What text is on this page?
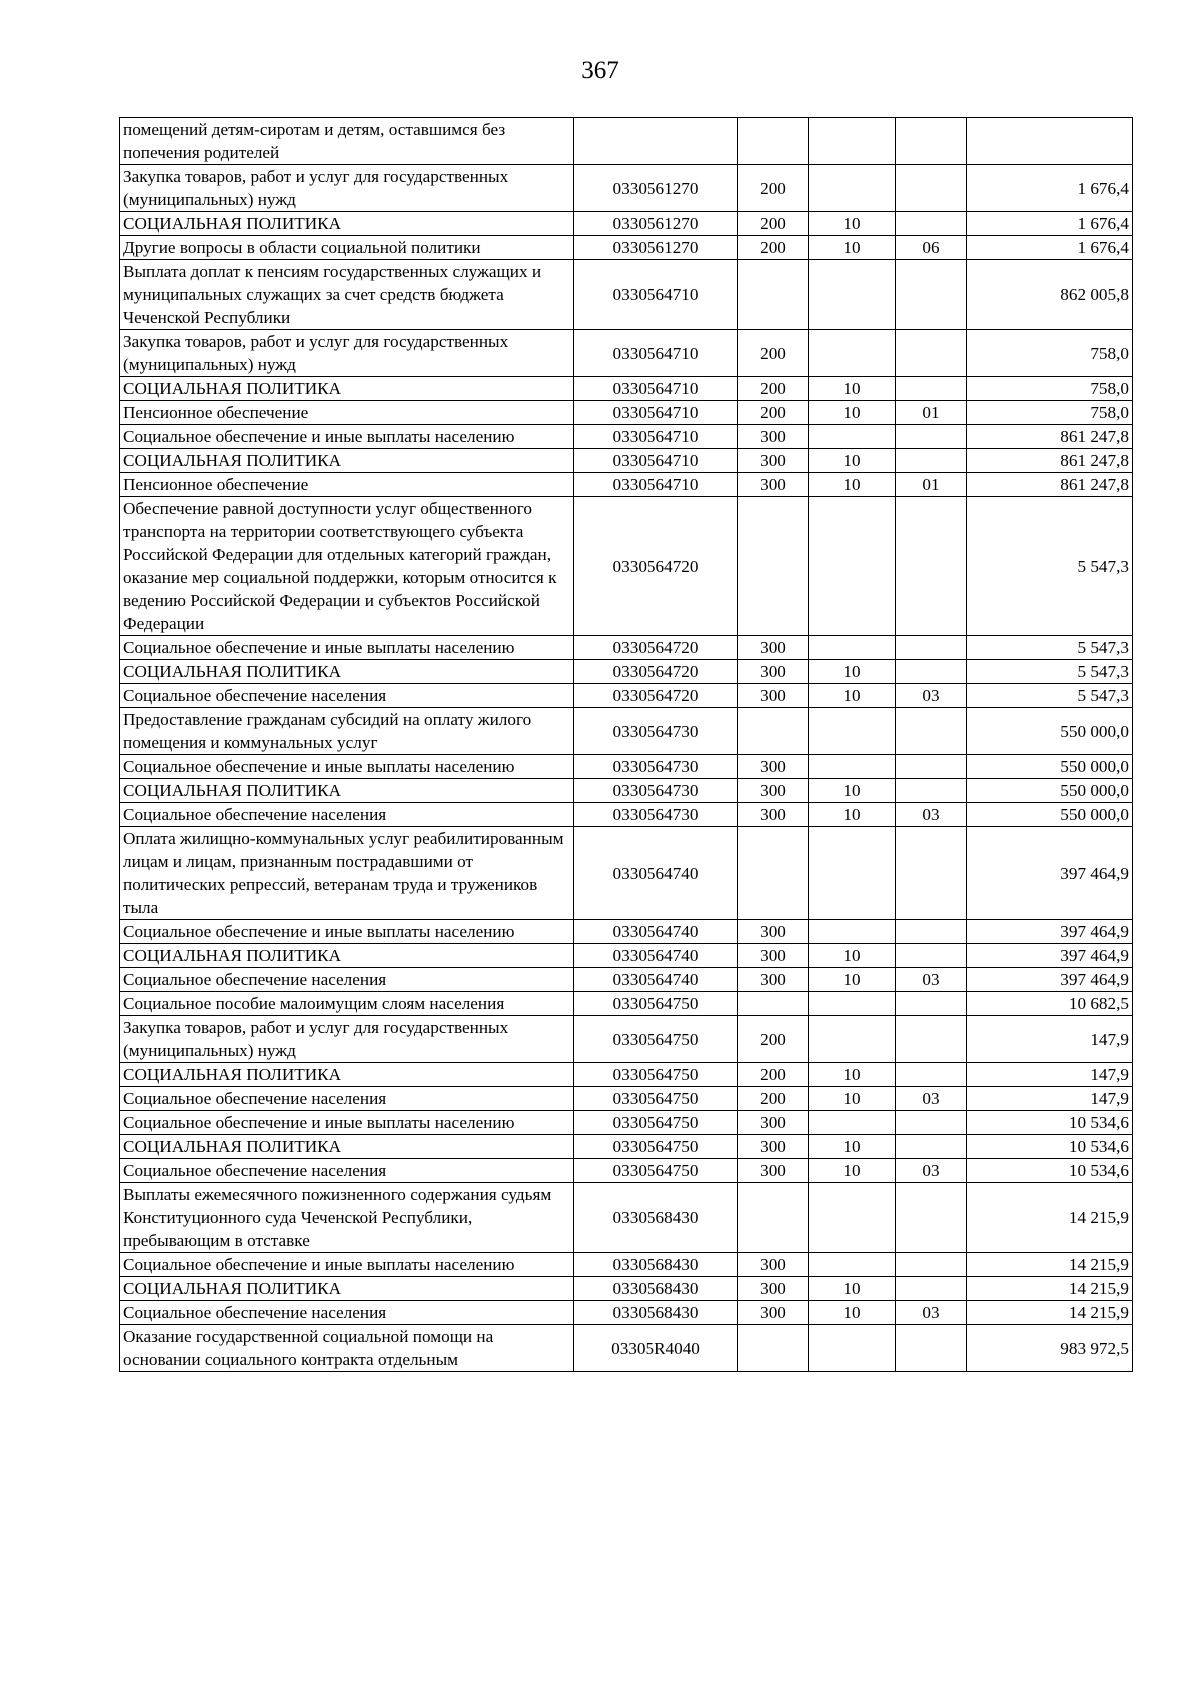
367
помещений детям-сиротам и детям, оставшимся без попечения родителей					
Закупка товаров, работ и услуг для государственных (муниципальных) нужд	0330561270	200			1 676,4
СОЦИАЛЬНАЯ ПОЛИТИКА	0330561270	200	10		1 676,4
Другие вопросы в области социальной политики	0330561270	200	10	06	1 676,4
Выплата доплат к пенсиям государственных служащих и муниципальных служащих за счет средств бюджета Чеченской Республики	0330564710				862 005,8
Закупка товаров, работ и услуг для государственных (муниципальных) нужд	0330564710	200			758,0
СОЦИАЛЬНАЯ ПОЛИТИКА	0330564710	200	10		758,0
Пенсионное обеспечение	0330564710	200	10	01	758,0
Социальное обеспечение и иные выплаты населению	0330564710	300			861 247,8
СОЦИАЛЬНАЯ ПОЛИТИКА	0330564710	300	10		861 247,8
Пенсионное обеспечение	0330564710	300	10	01	861 247,8
Обеспечение равной доступности услуг общественного транспорта на территории соответствующего субъекта Российской Федерации для отдельных категорий граждан, оказание мер социальной поддержки, которым относится к ведению Российской Федерации и субъектов Российской Федерации	0330564720				5 547,3
Социальное обеспечение и иные выплаты населению	0330564720	300			5 547,3
СОЦИАЛЬНАЯ ПОЛИТИКА	0330564720	300	10		5 547,3
Социальное обеспечение населения	0330564720	300	10	03	5 547,3
Предоставление гражданам субсидий на оплату жилого помещения и коммунальных услуг	0330564730				550 000,0
Социальное обеспечение и иные выплаты населению	0330564730	300			550 000,0
СОЦИАЛЬНАЯ ПОЛИТИКА	0330564730	300	10		550 000,0
Социальное обеспечение населения	0330564730	300	10	03	550 000,0
Оплата жилищно-коммунальных услуг реабилитированным лицам и лицам, признанным пострадавшими от политических репрессий, ветеранам труда и тружеников тыла	0330564740				397 464,9
Социальное обеспечение и иные выплаты населению	0330564740	300			397 464,9
СОЦИАЛЬНАЯ ПОЛИТИКА	0330564740	300	10		397 464,9
Социальное обеспечение населения	0330564740	300	10	03	397 464,9
Социальное пособие малоимущим слоям населения	0330564750				10 682,5
Закупка товаров, работ и услуг для государственных (муниципальных) нужд	0330564750	200			147,9
СОЦИАЛЬНАЯ ПОЛИТИКА	0330564750	200	10		147,9
Социальное обеспечение населения	0330564750	200	10	03	147,9
Социальное обеспечение и иные выплаты населению	0330564750	300			10 534,6
СОЦИАЛЬНАЯ ПОЛИТИКА	0330564750	300	10		10 534,6
Социальное обеспечение населения	0330564750	300	10	03	10 534,6
Выплаты ежемесячного пожизненного содержания судьям Конституционного суда Чеченской Республики, пребывающим в отставке	0330568430				14 215,9
Социальное обеспечение и иные выплаты населению	0330568430	300			14 215,9
СОЦИАЛЬНАЯ ПОЛИТИКА	0330568430	300	10		14 215,9
Социальное обеспечение населения	0330568430	300	10	03	14 215,9
Оказание государственной социальной помощи на основании социального контракта отдельным	03305R4040				983 972,5
